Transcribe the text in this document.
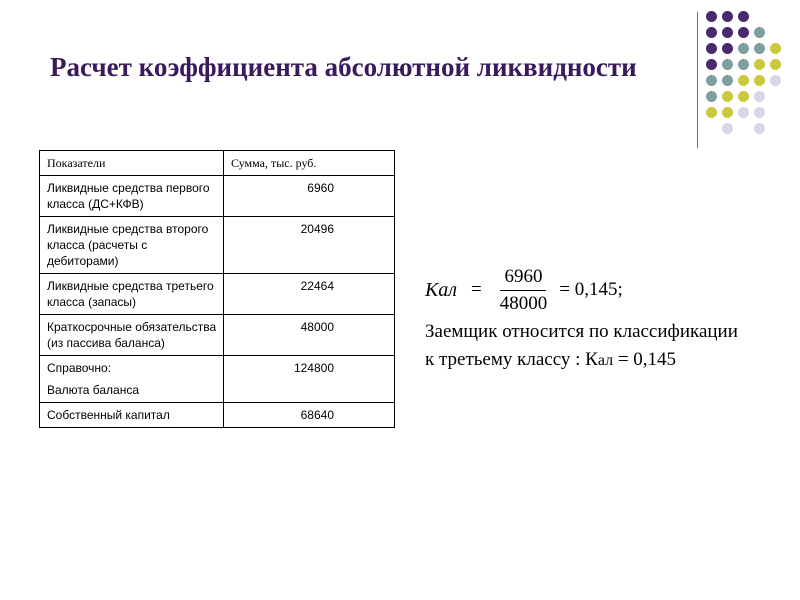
Расчет коэффициента абсолютной ликвидности
Показатели	Сумма, тыс. руб.
Ликвидные средства первого класса (ДС+КФВ)	6960
Ликвидные средства второго класса (расчеты с дебиторами)	20496
Ликвидные средства третьего класса (запасы)	22464
Краткосрочные обязательства (из пассива баланса)	48000
Справочно:
Валюта баланса	124800
Собственный капитал	68640
Кал = $\frac{6960}{48000} = 0,145$;
Заемщик относится по классификации
к третьему классу : Кал = 0,145
